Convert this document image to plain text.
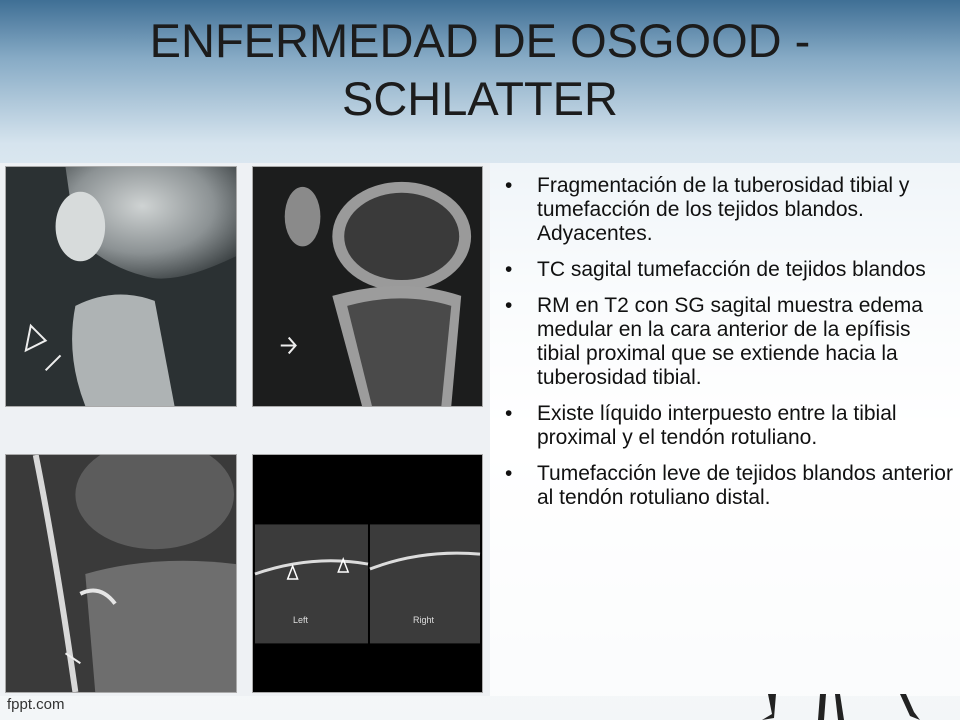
ENFERMEDAD DE OSGOOD -
SCHLATTER
Left	Right
• Fragmentación de la tuberosidad tibial y tumefacción de los tejidos blandos. Adyacentes.
• TC sagital tumefacción de tejidos blandos
• RM en T2 con SG sagital muestra edema medular en la cara anterior de la epífisis tibial proximal que se extiende hacia la tuberosidad tibial.
• Existe líquido interpuesto entre la tibial proximal y el tendón rotuliano.
• Tumefacción leve de tejidos blandos anterior al tendón rotuliano distal.
fppt.com
